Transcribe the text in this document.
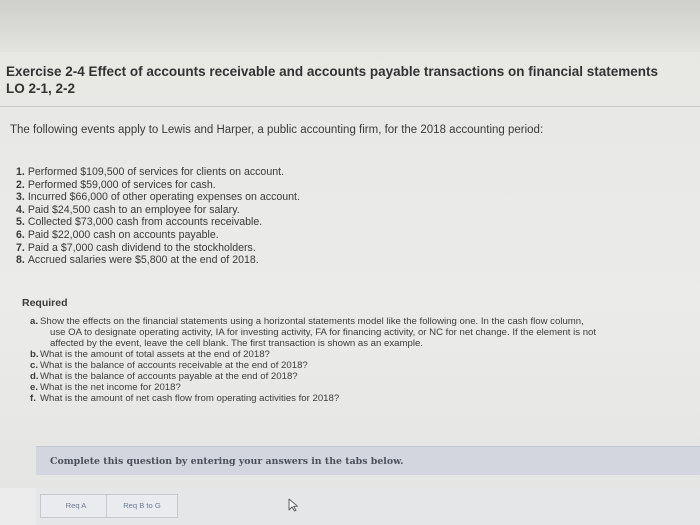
Exercise 2-4 Effect of accounts receivable and accounts payable transactions on financial statements
LO 2-1, 2-2
The following events apply to Lewis and Harper, a public accounting firm, for the 2018 accounting period:
1. Performed $109,500 of services for clients on account.
2. Performed $59,000 of services for cash.
3. Incurred $66,000 of other operating expenses on account.
4. Paid $24,500 cash to an employee for salary.
5. Collected $73,000 cash from accounts receivable.
6. Paid $22,000 cash on accounts payable.
7. Paid a $7,000 cash dividend to the stockholders.
8. Accrued salaries were $5,800 at the end of 2018.
Required
a. Show the effects on the financial statements using a horizontal statements model like the following one. In the cash flow column,
use OA to designate operating activity, IA for investing activity, FA for financing activity, or NC for net change. If the element is not
affected by the event, leave the cell blank. The first transaction is shown as an example.
b. What is the amount of total assets at the end of 2018?
c. What is the balance of accounts receivable at the end of 2018?
d. What is the balance of accounts payable at the end of 2018?
e. What is the net income for 2018?
f. What is the amount of net cash flow from operating activities for 2018?
Complete this question by entering your answers in the tabs below.
Req A	Req B to G
